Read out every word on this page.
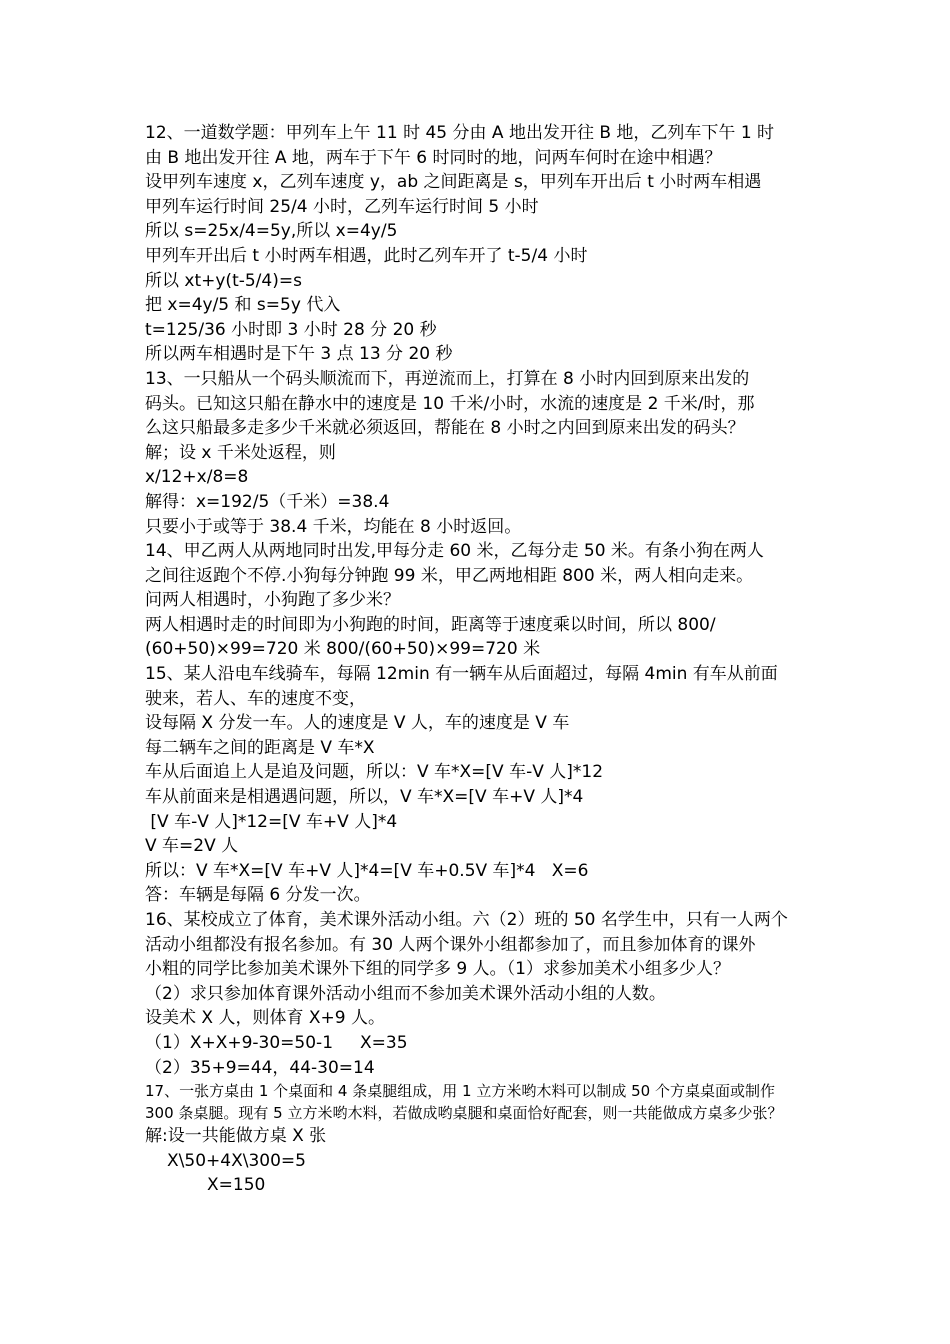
12、一道数学题：甲列车上午 11 时 45 分由 A 地出发开往 B 地，乙列车下午 1 时
由 B 地出发开往 A 地，两车于下午 6 时同时的地，问两车何时在途中相遇？
设甲列车速度 x，乙列车速度 y，ab 之间距离是 s，甲列车开出后 t 小时两车相遇
甲列车运行时间 25/4 小时，乙列车运行时间 5 小时
所以 s=25x/4=5y,所以 x=4y/5
甲列车开出后 t 小时两车相遇，此时乙列车开了 t-5/4 小时
所以 xt+y(t-5/4)=s
把 x=4y/5 和 s=5y 代入
t=125/36 小时即 3 小时 28 分 20 秒
所以两车相遇时是下午 3 点 13 分 20 秒
13、一只船从一个码头顺流而下，再逆流而上，打算在 8 小时内回到原来出发的
码头。已知这只船在静水中的速度是 10 千米/小时，水流的速度是 2 千米/时，那
么这只船最多走多少千米就必须返回，帮能在 8 小时之内回到原来出发的码头？
解；设 x 千米处返程，则
x/12+x/8=8
解得：x=192/5（千米）=38.4
只要小于或等于 38.4 千米，均能在 8 小时返回。
14、甲乙两人从两地同时出发,甲每分走 60 米，乙每分走 50 米。有条小狗在两人
之间往返跑个不停.小狗每分钟跑 99 米，甲乙两地相距 800 米，两人相向走来。
问两人相遇时，小狗跑了多少米？
两人相遇时走的时间即为小狗跑的时间，距离等于速度乘以时间，所以 800/
(60+50)×99=720 米 800/(60+50)×99=720 米
15、某人沿电车线骑车，每隔 12min 有一辆车从后面超过，每隔 4min 有车从前面
驶来，若人、车的速度不变，
设每隔 X 分发一车。人的速度是 V 人，车的速度是 V 车
每二辆车之间的距离是 V 车*X
车从后面追上人是追及问题，所以：V 车*X=[V 车-V 人]*12
车从前面来是相遇遇问题，所以，V 车*X=[V 车+V 人]*4
[V 车-V 人]*12=[V 车+V 人]*4
V 车=2V 人
所以：V 车*X=[V 车+V 人]*4=[V 车+0.5V 车]*4   X=6
答：车辆是每隔 6 分发一次。
16、某校成立了体育，美术课外活动小组。六（2）班的 50 名学生中，只有一人两个
活动小组都没有报名参加。有 30 人两个课外小组都参加了，而且参加体育的课外
小粗的同学比参加美术课外下组的同学多 9 人。（1）求参加美术小组多少人？
（2）求只参加体育课外活动小组而不参加美术课外活动小组的人数。
设美术 X 人，则体育 X+9 人。
（1）X+X+9-30=50-1     X=35
（2）35+9=44，44-30=14
17、一张方桌由 1 个桌面和 4 条桌腿组成，用 1 立方米哟木料可以制成 50 个方桌桌面或制作
300 条桌腿。现有 5 立方米哟木料，若做成哟桌腿和桌面恰好配套，则一共能做成方桌多少张？
解:设一共能做方桌 X 张
X\50+4X\300=5
X=150
